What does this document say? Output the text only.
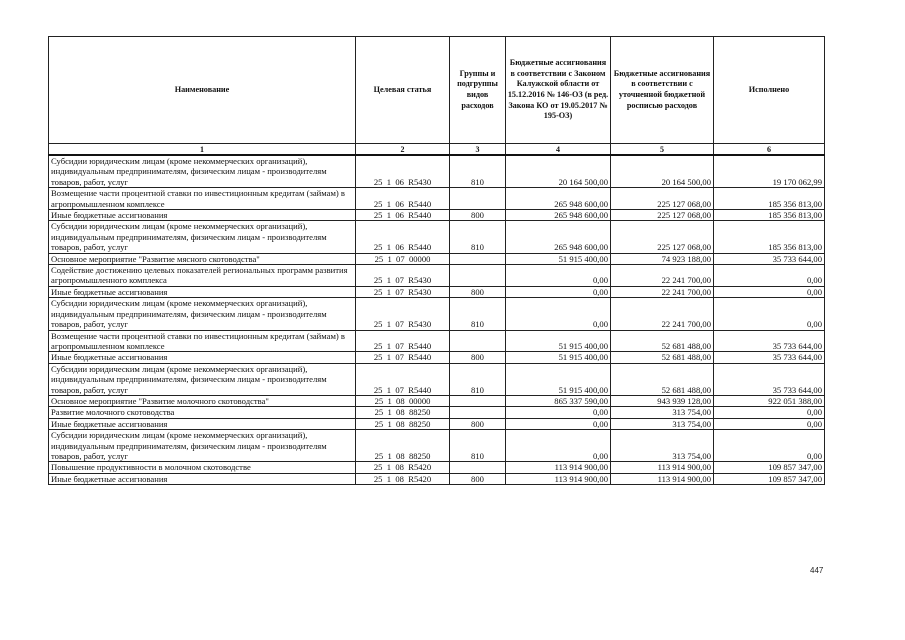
Наименование	Целевая статья	Группы и подгруппы видов расходов	Бюджетные ассигнования в соответствии с Законом Калужской области от 15.12.2016 № 146-ОЗ (в ред. Закона КО от 19.05.2017 № 195-ОЗ)	Бюджетные ассигнования в соответствии с уточненной бюджетной росписью расходов	Исполнено
1	2	3	4	5	6
Субсидии юридическим лицам (кроме некоммерческих организаций), индивидуальным предпринимателям, физическим лицам - производителям товаров, работ, услуг	25  1  06  R5430	810	20 164 500,00	20 164 500,00	19 170 062,99
Возмещение части процентной ставки по инвестиционным кредитам (займам) в агропромышленном комплексе	25  1  06  R5440		265 948 600,00	225 127 068,00	185 356 813,00
Иные бюджетные ассигнования	25  1  06  R5440	800	265 948 600,00	225 127 068,00	185 356 813,00
Субсидии юридическим лицам (кроме некоммерческих организаций), индивидуальным предпринимателям, физическим лицам - производителям товаров, работ, услуг	25  1  06  R5440	810	265 948 600,00	225 127 068,00	185 356 813,00
Основное мероприятие "Развитие мясного скотоводства"	25  1  07  00000		51 915 400,00	74 923 188,00	35 733 644,00
Содействие достижению целевых показателей региональных программ развития агропромышленного комплекса	25  1  07  R5430		0,00	22 241 700,00	0,00
Иные бюджетные ассигнования	25  1  07  R5430	800	0,00	22 241 700,00	0,00
Субсидии юридическим лицам (кроме некоммерческих организаций), индивидуальным предпринимателям, физическим лицам - производителям товаров, работ, услуг	25  1  07  R5430	810	0,00	22 241 700,00	0,00
Возмещение части процентной ставки по инвестиционным кредитам (займам) в агропромышленном комплексе	25  1  07  R5440		51 915 400,00	52 681 488,00	35 733 644,00
Иные бюджетные ассигнования	25  1  07  R5440	800	51 915 400,00	52 681 488,00	35 733 644,00
Субсидии юридическим лицам (кроме некоммерческих организаций), индивидуальным предпринимателям, физическим лицам - производителям товаров, работ, услуг	25  1  07  R5440	810	51 915 400,00	52 681 488,00	35 733 644,00
Основное мероприятие "Развитие молочного скотоводства"	25  1  08  00000		865 337 590,00	943 939 128,00	922 051 388,00
Развитие молочного скотоводства	25  1  08  88250		0,00	313 754,00	0,00
Иные бюджетные ассигнования	25  1  08  88250	800	0,00	313 754,00	0,00
Субсидии юридическим лицам (кроме некоммерческих организаций), индивидуальным предпринимателям, физическим лицам - производителям товаров, работ, услуг	25  1  08  88250	810	0,00	313 754,00	0,00
Повышение продуктивности в молочном скотоводстве	25  1  08  R5420		113 914 900,00	113 914 900,00	109 857 347,00
Иные бюджетные ассигнования	25  1  08  R5420	800	113 914 900,00	113 914 900,00	109 857 347,00
447
